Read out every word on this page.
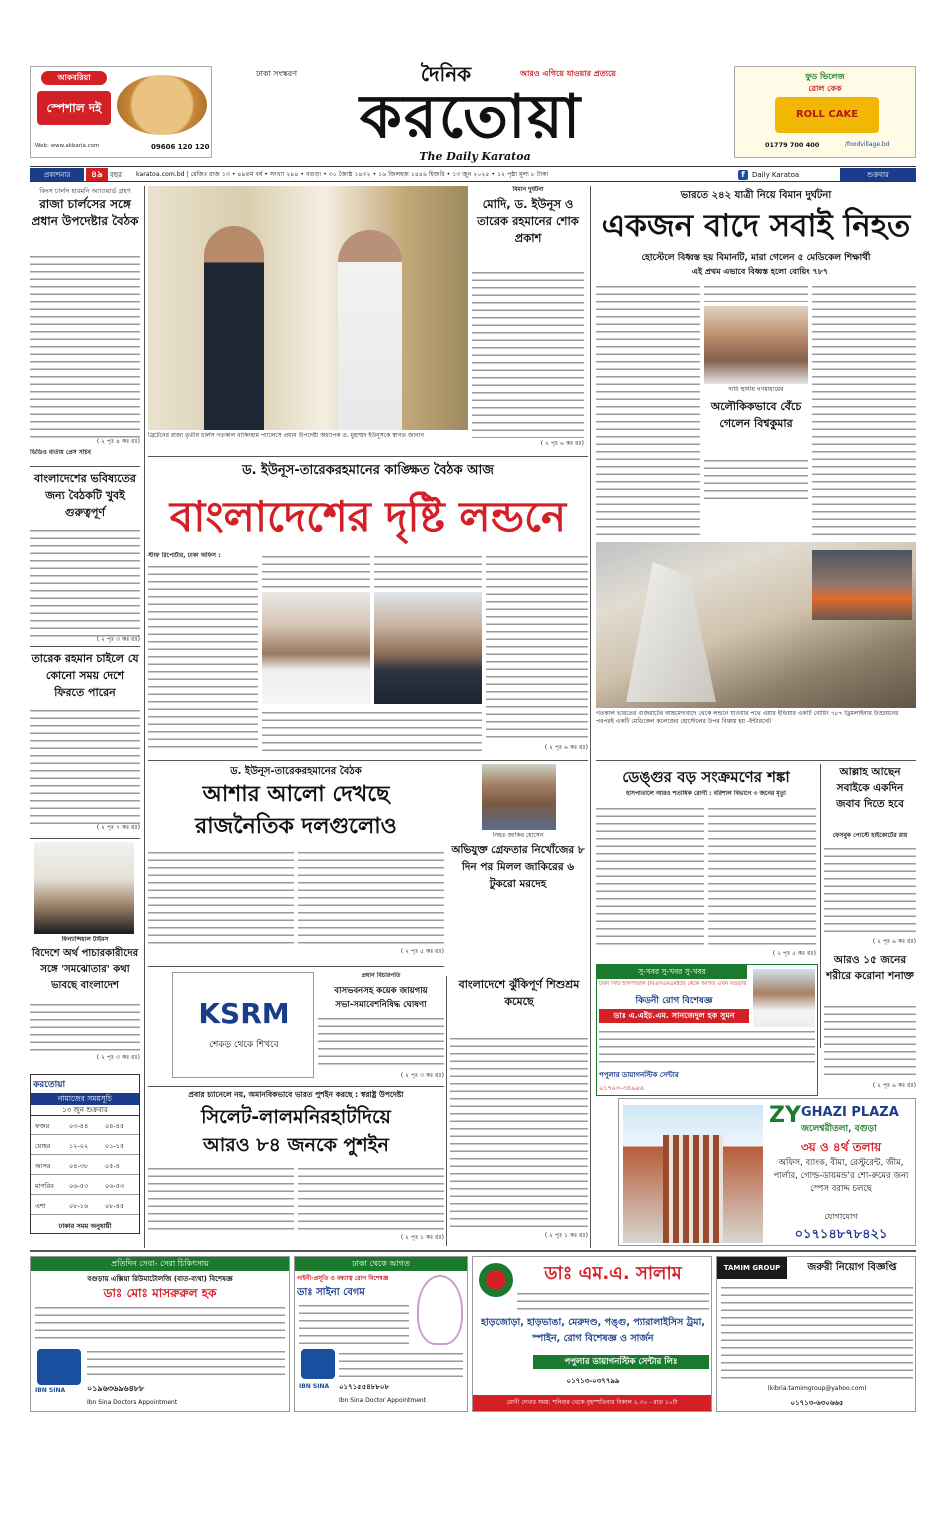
আকবরিয়া
স্পেশাল দই
Web: www.akbaria.com	09606 120 120
ঢাকা সংস্করণ	দৈনিক	আরও এগিয়ে যাওয়ার প্রত্যয়ে
করতোয়া
The Daily Karatoa
ফুড ভিলেজ
রোল কেক
ROLL CAKE
01779 700 400	/foodvillage.bd
প্রকাশনার	৪৯	বছর	karatoa.com.bd | রেজিঃ রাজ ১৩ • ৪৯তম বর্ষ • সংখ্যা ২৯৪ • বগুড়া • ৩০ জ্যৈষ্ঠ ১৪৩২ • ১৬ জিলহজ ১৪৪৬ হিজরি • ১৩ জুন ২০২৫ • ১২ পৃষ্ঠা মূল্য ৮ টাকা	f	Daily Karatoa	শুক্রবার
কিংস চার্লস হারমনি অ্যাওয়ার্ড গ্রহণ
রাজা চার্লসের সঙ্গে প্রধান উপদেষ্টার বৈঠক
( ২ পৃঃ ৪ কঃ রঃ)
ভিডিও বার্তায় প্রেস সচিব
বাংলাদেশের ভবিষ্যতের জন্য বৈঠকটি খুবই গুরুত্বপূর্ণ
( ২ পৃঃ ৩ কঃ রঃ)
তারেক রহমান চাইলে যে কোনো সময় দেশে ফিরতে পারেন
( ২ পৃঃ ৭ কঃ রঃ)
ফিন্যান্সিয়াল টাইমস
বিদেশে অর্থ পাচারকারীদের সঙ্গে 'সমঝোতার' কথা ভাবছে বাংলাদেশ
( ২ পৃঃ ৩ কঃ রঃ)
করতোয়া
নামাজের সময়সূচি
১৩ জুন শুক্রবার
ফজর	০৩-৪৪	০৪-৪৫
যোহর	১২-০২	০১-১৫
আসর	০৪-৩৮	০৫-৪
মাগরিব	০৬-৫৩	০৬-৫৩
এশা	০৮-১৬	০৮-৪৫
ঢাকার সময় অনুযায়ী
ব্রিটেনের রাজা তৃতীয় চার্লস গতকাল বাকিংহাম প্যালেসে প্রধান উপদেষ্টা অধ্যাপক ড. মুহাম্মদ ইউনূসকে স্বাগত জানান
বিমান দুর্ঘটনা
মোদি, ড. ইউনূস ও তারেক রহমানের শোক প্রকাশ
( ২ পৃঃ ৬ কঃ রঃ)
ড. ইউনূস-তারেকরহমানের কাঙ্ক্ষিত বৈঠক আজ
বাংলাদেশের দৃষ্টি লন্ডনে
স্টাফ রিপোর্টার, ঢাকা অফিস :
( ২ পৃঃ ৬ কঃ রঃ)
ড. ইউনূস-তারেকরহমানের বৈঠক
আশার আলো দেখছে
রাজনৈতিক দলগুলোও
( ২ পৃঃ ৫ কঃ রঃ)
নিহত জাকির হোসেন
অভিযুক্ত গ্রেফতার নিখোঁজের ৮ দিন পর মিলল জাকিরের ৬ টুকরো মরদেহ
KSRM
শেকড় থেকে শিখবে
প্রধান বিচারপতি
বাসভবনসহ কয়েক জায়গায়
সভা-সমাবেশনিষিদ্ধ ঘোষণা
( ২ পৃঃ ৩ কঃ রঃ)
প্রবার চ্যানেলে নয়, অমানবিকভাবে ভারত পুশইন করছে : স্বরাষ্ট্র উপদেষ্টা
সিলেট-লালমনিরহাটদিয়ে
আরও ৮৪ জনকে পুশইন
( ২ পৃঃ ১ কঃ রঃ)
বাংলাদেশে ঝুঁকিপূর্ণ শিশুশ্রম কমেছে
( ২ পৃঃ ১ কঃ রঃ)
ভারতে ২৪২ যাত্রী নিয়ে বিমান দুর্ঘটনা
একজন বাদে সবাই নিহত
হোস্টেলে বিধ্বস্ত হয় বিমানটি, মারা গেলেন ৫ মেডিকেল শিক্ষার্থী
এই প্রথম এভাবে বিধ্বস্ত হলো বোয়িং ৭৮৭
দাবি স্থানীয় গণমাধ্যমের
অলৌকিকভাবে বেঁচে গেলেন বিশ্বকুমার
গতকাল ভারতের গুজরাটের আহমেদাবাদে থেকে লন্ডনে যাওয়ার পথে এয়ার ইন্ডিয়ার একটি বোয়িং ৭৮৭ ড্রিমলাইনার উড্ডয়নের পরপরই একটি মেডিকেল কলেজের হোস্টেলের উপর বিধ্বস্ত হয় -ইন্টারনেট
ডেঙ্গুর বড় সংক্রমণের শঙ্কা
হাসপাতালে আরও শতাধিক রোগী : বরিশাল বিভাগে ৩ জনের মৃত্যু
( ২ পৃঃ ৫ কঃ রঃ)
আল্লাহ আছেন সবাইকে একদিন জবাব দিতে হবে
ফেসবুক পোস্টে হাইকোর্টের রায়
( ২ পৃঃ ৬ কঃ রঃ)
আরও ১৫ জনের শরীরে করোনা শনাক্ত
( ২ পৃঃ ৬ কঃ রঃ)
সু-খবর সু-খবর সু-খবর
ঢাকা সিটি হাসপাতাল (বিএসএমএমইউ) থেকে আগত এখন বগুড়ায়
কিডনী রোগ বিশেষজ্ঞ
ডাঃ এ.এইচ.এম. সানজেদুল হক সুমন
পপুলার ডায়াগনস্টিক সেন্টার
০১৭০৩-৩৫৯৯৬
ZY GHAZI PLAZA
জলেশ্বরীতলা, বগুড়া
৩য় ও ৪র্থ তলায়
অফিস, ব্যাংক, বীমা, রেস্টুরেন্ট, জীম, পার্লার, গোল্ড-ডায়মন্ড'র শো-রুমের জন্য স্পেস বরাদ্দ চলছে
যোগাযোগ
০১৭১৪৮৭৮৪২১
প্রতিদিন সেবা- সেরা চিকিৎসায়
বগুড়ায় এক্সিয়া রিউমাটোলজি (বাত-ব্যথা) বিশেষজ্ঞ
ডাঃ মোঃ মাসরুরুল হক
IBN SINA	০১৯৬৩৬৯৬৪৮৮
Ibn Sina Doctors Appointment
ঢাকা থেকে আগত
গাইনী-প্রসূতি ও বন্ধ্যাত্ব রোগ বিশেষজ্ঞ
ডাঃ সাইনা বেগম
IBN SINA	০১৭১৫৫৪৮৮০৮
Ibn Sina Doctor Appointment
ডাঃ এম.এ. সালাম
হাড়জোড়া, হাড়ভাঙা, মেরুদণ্ড, পঙ্গু, প্যারালাইসিস ট্রমা, স্পাইন, রোগ বিশেষজ্ঞ ও সার্জন
পপুলার ডায়াগনস্টিক সেন্টার লিঃ
০১৭১৩-০৩৭৭৯৯
রোগী দেখার সময়: শনিবার থেকে বৃহস্পতিবার বিকাল ২.৩০ - রাত ১০টা
TAMIM GROUP	জরুরী নিয়োগ বিজ্ঞপ্তি
(kibria.tamimgroup@yahoo.com)
০১৭১৩-৬৩০৬৬৫
